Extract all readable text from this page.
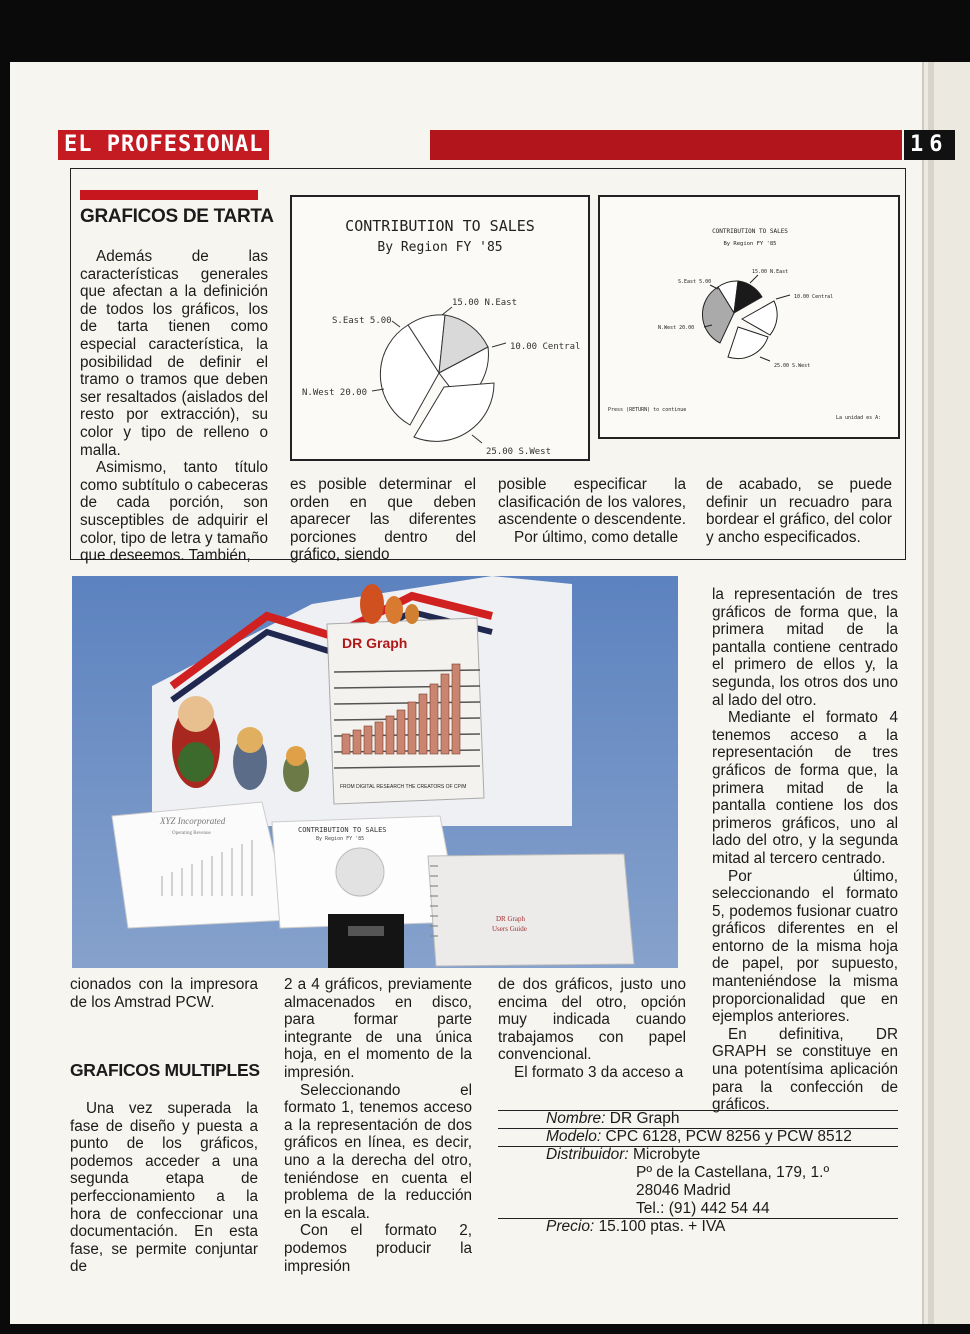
EL PROFESIONAL	16
GRAFICOS DE TARTA

Además de las características generales que afectan a la definición de todos los gráficos, los de tarta tienen como especial característica, la posibilidad de definir el tramo o tramos que deben ser resaltados (aislados del resto por extracción), su color y tipo de relleno o malla.

Asimismo, tanto título como subtítulo o cabeceras de cada porción, son susceptibles de adquirir el color, tipo de letra y tamaño que deseemos. También,

es posible determinar el orden en que deben aparecer las diferentes porciones dentro del gráfico, siendo

posible especificar la clasificación de los valores, ascendente o descendente.

Por último, como detalle

de acabado, se puede definir un recuadro para bordear el gráfico, del color y ancho especificados.

CONTRIBUTION TO SALES
By Region FY '85
15.00 N.East
S.East 5.00
10.00 Central
N.West 20.00
25.00 S.West
CONTRIBUTION TO SALES
By Region FY '85
15.00 N.East
S.East 5.00
10.00 Central
N.West 20.00
25.00 S.West
Press (RETURN) to continue
La unidad es A:
DR Graph
FROM DIGITAL RESEARCH THE CREATORS OF CP/M
XYZ Incorporated
Operating Revenue	CONTRIBUTION TO SALES
By Region FY '85
DR Graph
Users Guide

la representación de tres gráficos de forma que, la primera mitad de la pantalla contiene centrado el primero de ellos y, la segunda, los otros dos uno al lado del otro.

Mediante el formato 4 tenemos acceso a la representación de tres gráficos de forma que, la primera mitad de la pantalla contiene los dos primeros gráficos, uno al lado del otro, y la segunda mitad al tercero centrado.

Por último, seleccionando el formato 5, podemos fusionar cuatro gráficos diferentes en el entorno de la misma hoja de papel, por supuesto, manteniéndose la misma proporcionalidad que en ejemplos anteriores.

En definitiva, DR GRAPH se constituye en una potentísima aplicación para la confección de gráficos.

cionados con la impresora de los Amstrad PCW.

GRAFICOS MULTIPLES

Una vez superada la fase de diseño y puesta a punto de los gráficos, podemos acceder a una segunda etapa de perfeccionamiento a la hora de confeccionar una documentación. En esta fase, se permite conjuntar de

2 a 4 gráficos, previamente almacenados en disco, para formar parte integrante de una única hoja, en el momento de la impresión.

Seleccionando el formato 1, tenemos acceso a la representación de dos gráficos en línea, es decir, uno a la derecha del otro, teniéndose en cuenta el problema de la reducción en la escala.

Con el formato 2, podemos producir la impresión

de dos gráficos, justo uno encima del otro, opción muy indicada cuando trabajamos con papel convencional.

El formato 3 da acceso a

Nombre: DR Graph
Modelo: CPC 6128, PCW 8256 y PCW 8512
Distribuidor: Microbyte
Pº de la Castellana, 179, 1.º
28046 Madrid
Tel.: (91) 442 54 44
Precio: 15.100 ptas. + IVA
